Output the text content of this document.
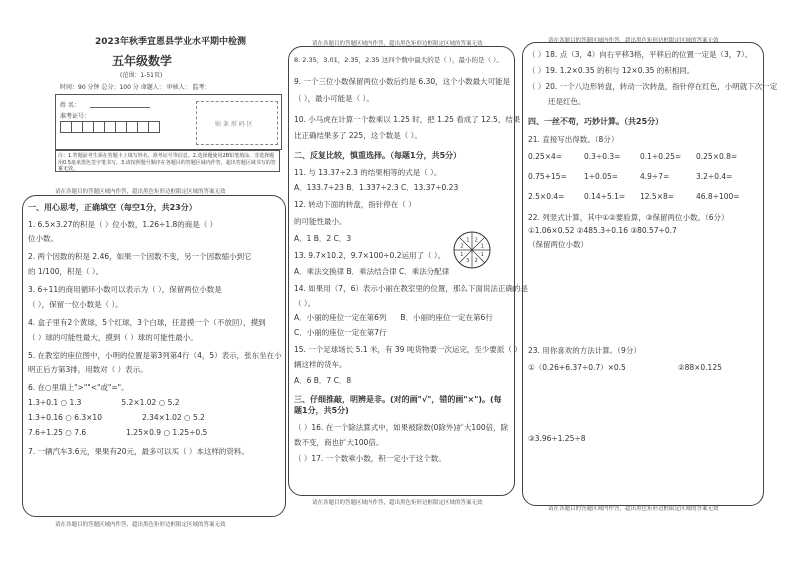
2023年秋季宣恩县学业水平期中检测
五年级数学
(范围：1-51页)
时间：90 分钟 总分：100 分 命题人： 审核人： 监考：
姓 名：
准考证号：

贴 条 形 码 区
注：1.答题前考生须在答题卡上填写姓名、准考证号等信息。2.选择题使用2B铅笔填涂，非选择题用0.5毫米黑色签字笔书写。3.请按照题号顺序在各题目的答题区域内作答，超出答题区域书写的答案无效。
请在各题目的答题区域内作答，超出黑色矩形边框限定区域的答案无效
一、用心思考，正确填空（每空1分，共23分）
1. 6.5×3.27的积是（ ）位小数，1.26÷1.8的商是（ ）
位小数。
2. 两个因数的积是 2.46，如果一个因数不变，另一个因数缩小到它
的 1/100，积是（ ）。
3. 6÷11的商用循环小数可以表示为（ ），保留两位小数是
（ ），保留一位小数是（ ）。
4. 盒子里有2个黄球，5个红球，3个白球，任意摸一个（不放回），摸到
（ ）球的可能性最大，摸到（ ）球的可能性最小。
5. 在教室的座位图中，小明的位置是第3列第4行（4，5）表示，张东坐在小
明正后方第3排，用数对（ ）表示。
6. 在○里填上">""<"或"="。
1.3÷0.1 ○ 1.3	5.2×1.02 ○ 5.2
1.3÷0.16 ○ 6.3×10	2.34×1.02 ○ 5.2
7.6÷1.25 ○ 7.6	1.25×0.9 ○ 1.25÷0.5
7. 一辆汽车3.6元，果果有20元，最多可以买（ ）本这样的资料。
请在各题目的答题区域内作答，超出黑色矩形边框限定区域的答案无效
请在各题目的答题区域内作答，超出黑色矩形边框限定区域的答案无效
8. 2.3̇5̇，3.01̇，2.3̇5̇，2.35̇ 这四个数中最大的是（ ），最小的是（ ）。
9. 一个三位小数保留两位小数后约是 6.30，这个小数最大可能是
（ ），最小可能是（ ）。
10. 小马虎在计算一个数乘以 1.25 时，把 1.25 看成了 12.5，结果
比正确结果多了 225，这个数是（ ）。
二、反复比较，慎重选择。（每题1分，共5分）
11. 与 13.37÷2.3 的结果相等的式是（ ）。
A．133.7÷23 B．1.337÷2.3 C．13.37÷0.23
12. 转动下面的转盘，指针停在（ ）
的可能性最小。
A．1 B．2 C．3
13. 9.7×10.2，9.7×100÷0.2运用了（ ）。
A．乘法交换律 B．乘法结合律 C．乘法分配律
14. 如果用（7，6）表示小丽在教室里的位置，那么下面说法正确的是
（ ）。
A．小丽的座位一定在第6列 B．小丽的座位一定在第6行
C．小丽的座位一定在第7行
15. 一个足球场长 5.1 米，有 39 吨货物要一次运完，至少要派（ ）
辆这样的货车。
A．6 B．7 C．8
三、仔细推敲，明辨是非。(对的画"√"，错的画"×")。(每题1分，共5分)
（ ）16. 在一个除法算式中，如果被除数(0除外)扩大100倍，除
数不变，商也扩大100倍。
（ ）17. 一个数乘小数，积一定小于这个数。
1
2
3
1
2
1 2
1
请在各题目的答题区域内作答，超出黑色矩形边框限定区域的答案无效
请在各题目的答题区域内作答，超出黑色矩形边框限定区域的答案无效
（ ）18. 点（3，4）向右平移3格，平移后的位置一定是（3，7）。
（ ）19. 1.2×0.35 的积与 12×0.35 的积相同。
（ ）20. 一个八边形转盘，转动一次转盘，指针停在红色，小明就下次一定
还是红色。
四、一丝不苟，巧妙计算。（共25分）
21. 直接写出得数。（8分）
0.25×4=	0.3÷0.3=	0.1÷0.25=	0.25×0.8=
0.75+15=	1÷0.05=	4.9÷7=	3.2÷0.4=
2.5×0.4=	0.14÷5.1=	12.5×8=	46.8÷100=
22. 列竖式计算，其中①②要验算，③保留两位小数。（6分）
①1.06×0.52 ②485.3÷0.16 ③80.57÷0.7
（保留两位小数）
23. 用你喜欢的方法计算。（9分）
①（0.26+6.37÷0.7）×0.5	②88×0.125
③3.96÷1.25÷8
请在各题目的答题区域内作答，超出黑色矩形边框限定区域的答案无效
